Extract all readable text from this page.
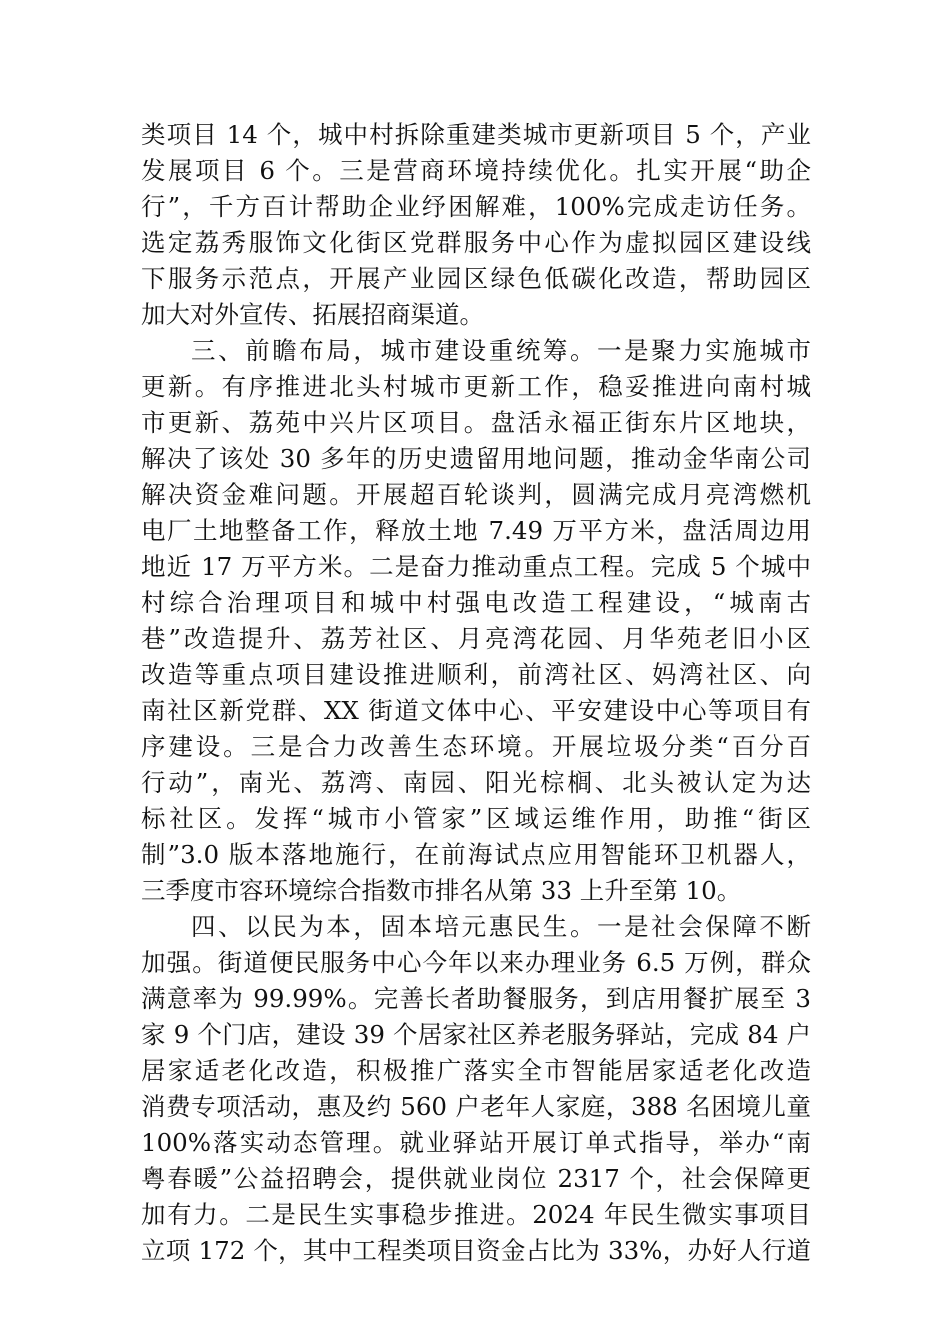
类项目 14 个，城中村拆除重建类城市更新项目 5 个，产业
发展项目 6 个。三是营商环境持续优化。扎实开展“助企
行”，千方百计帮助企业纾困解难，100%完成走访任务。
选定荔秀服饰文化街区党群服务中心作为虚拟园区建设线
下服务示范点，开展产业园区绿色低碳化改造，帮助园区
加大对外宣传、拓展招商渠道。
三、前瞻布局，城市建设重统筹。一是聚力实施城市
更新。有序推进北头村城市更新工作，稳妥推进向南村城
市更新、荔苑中兴片区项目。盘活永福正街东片区地块，
解决了该处 30 多年的历史遗留用地问题，推动金华南公司
解决资金难问题。开展超百轮谈判，圆满完成月亮湾燃机
电厂土地整备工作，释放土地 7.49 万平方米，盘活周边用
地近 17 万平方米。二是奋力推动重点工程。完成 5 个城中
村综合治理项目和城中村强电改造工程建设，“城南古
巷”改造提升、荔芳社区、月亮湾花园、月华苑老旧小区
改造等重点项目建设推进顺利，前湾社区、妈湾社区、向
南社区新党群、XX 街道文体中心、平安建设中心等项目有
序建设。三是合力改善生态环境。开展垃圾分类“百分百
行动”，南光、荔湾、南园、阳光棕榈、北头被认定为达
标社区。发挥“城市小管家”区域运维作用，助推“街区
制”3.0 版本落地施行，在前海试点应用智能环卫机器人，
三季度市容环境综合指数市排名从第 33 上升至第 10。
四、以民为本，固本培元惠民生。一是社会保障不断
加强。街道便民服务中心今年以来办理业务 6.5 万例，群众
满意率为 99.99%。完善长者助餐服务，到店用餐扩展至 3
家 9 个门店，建设 39 个居家社区养老服务驿站，完成 84 户
居家适老化改造，积极推广落实全市智能居家适老化改造
消费专项活动，惠及约 560 户老年人家庭，388 名困境儿童
100%落实动态管理。就业驿站开展订单式指导，举办“南
粤春暖”公益招聘会，提供就业岗位 2317 个，社会保障更
加有力。二是民生实事稳步推进。2024 年民生微实事项目
立项 172 个，其中工程类项目资金占比为 33%，办好人行道
